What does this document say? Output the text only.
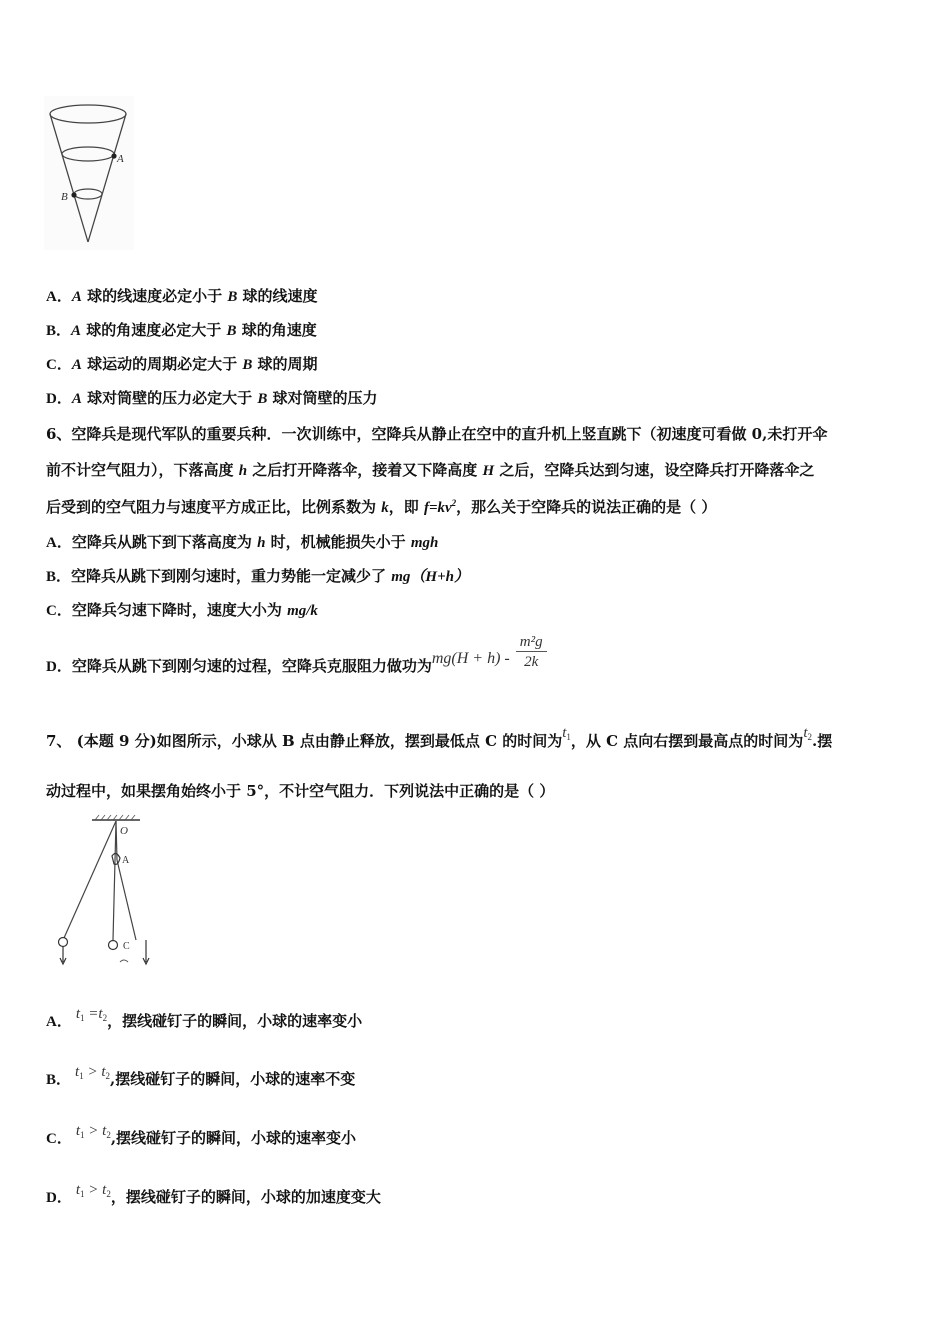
A
B
A．A 球的线速度必定小于 B 球的线速度
B．A 球的角速度必定大于 B 球的角速度
C．A 球运动的周期必定大于 B 球的周期
D．A 球对筒壁的压力必定大于 B 球对筒壁的压力
6、空降兵是现代军队的重要兵种．一次训练中，空降兵从静止在空中的直升机上竖直跳下（初速度可看做 0,未打开伞
前不计空气阻力），下落高度 h 之后打开降落伞，接着又下降高度 H 之后，空降兵达到匀速，设空降兵打开降落伞之
后受到的空气阻力与速度平方成正比，比例系数为 k，即 $f=kv^2$，那么关于空降兵的说法正确的是（ ）
A．空降兵从跳下到下落高度为 h 时，机械能损失小于 mgh
B．空降兵从跳下到刚匀速时，重力势能一定减少了 mg（H+h）
C．空降兵匀速下降时，速度大小为 mg/k
D．空降兵从跳下到刚匀速的过程，空降兵克服阻力做功为$mg(H + h) - \frac{\text{m²g}}{2k}$
7、 (本题 9 分)如图所示，小球从 B 点由静止释放，摆到最低点 C 的时间为$t_1$，从 C 点向右摆到最高点的时间为$t_2$.摆
动过程中，如果摆角始终小于 5°，不计空气阻力．下列说法中正确的是（ ）
O
A
C
A． $t_1 =t_2$，摆线碰钉子的瞬间，小球的速率变小
B． $t_1 > t_2$,摆线碰钉子的瞬间，小球的速率不变
C． $t_1 > t_2$,摆线碰钉子的瞬间，小球的速率变小
D． $t_1 > t_2$，摆线碰钉子的瞬间，小球的加速度变大
